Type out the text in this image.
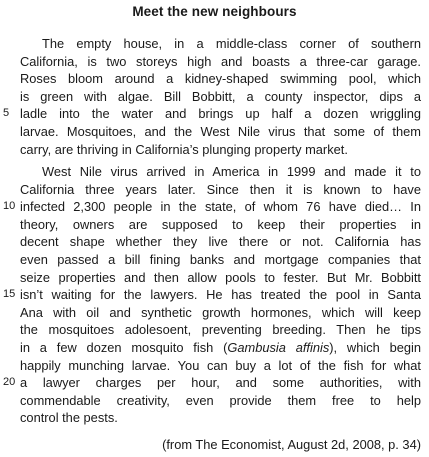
Meet the new neighbours
5
10
15
20
The empty house, in a middle-class corner of southern
California, is two storeys high and boasts a three-car garage.
Roses bloom around a kidney-shaped swimming pool, which
is green with algae. Bill Bobbitt, a county inspector, dips a
ladle into the water and brings up half a dozen wriggling
larvae. Mosquitoes, and the West Nile virus that some of them
carry, are thriving in California’s plunging property market.
West Nile virus arrived in America in 1999 and made it to
California three years later. Since then it is known to have
infected 2,300 people in the state, of whom 76 have died… In
theory, owners are supposed to keep their properties in
decent shape whether they live there or not. California has
even passed a bill fining banks and mortgage companies that
seize properties and then allow pools to fester. But Mr. Bobbitt
isn’t waiting for the lawyers. He has treated the pool in Santa
Ana with oil and synthetic growth hormones, which will keep
the mosquitoes adolesoent, preventing breeding. Then he tips
in a few dozen mosquito fish (Gambusia affinis), which begin
happily munching larvae. You can buy a lot of the fish for what
a lawyer charges per hour, and some authorities, with
commendable creativity, even provide them free to help
control the pests.
(from The Economist, August 2d, 2008, p. 34)
